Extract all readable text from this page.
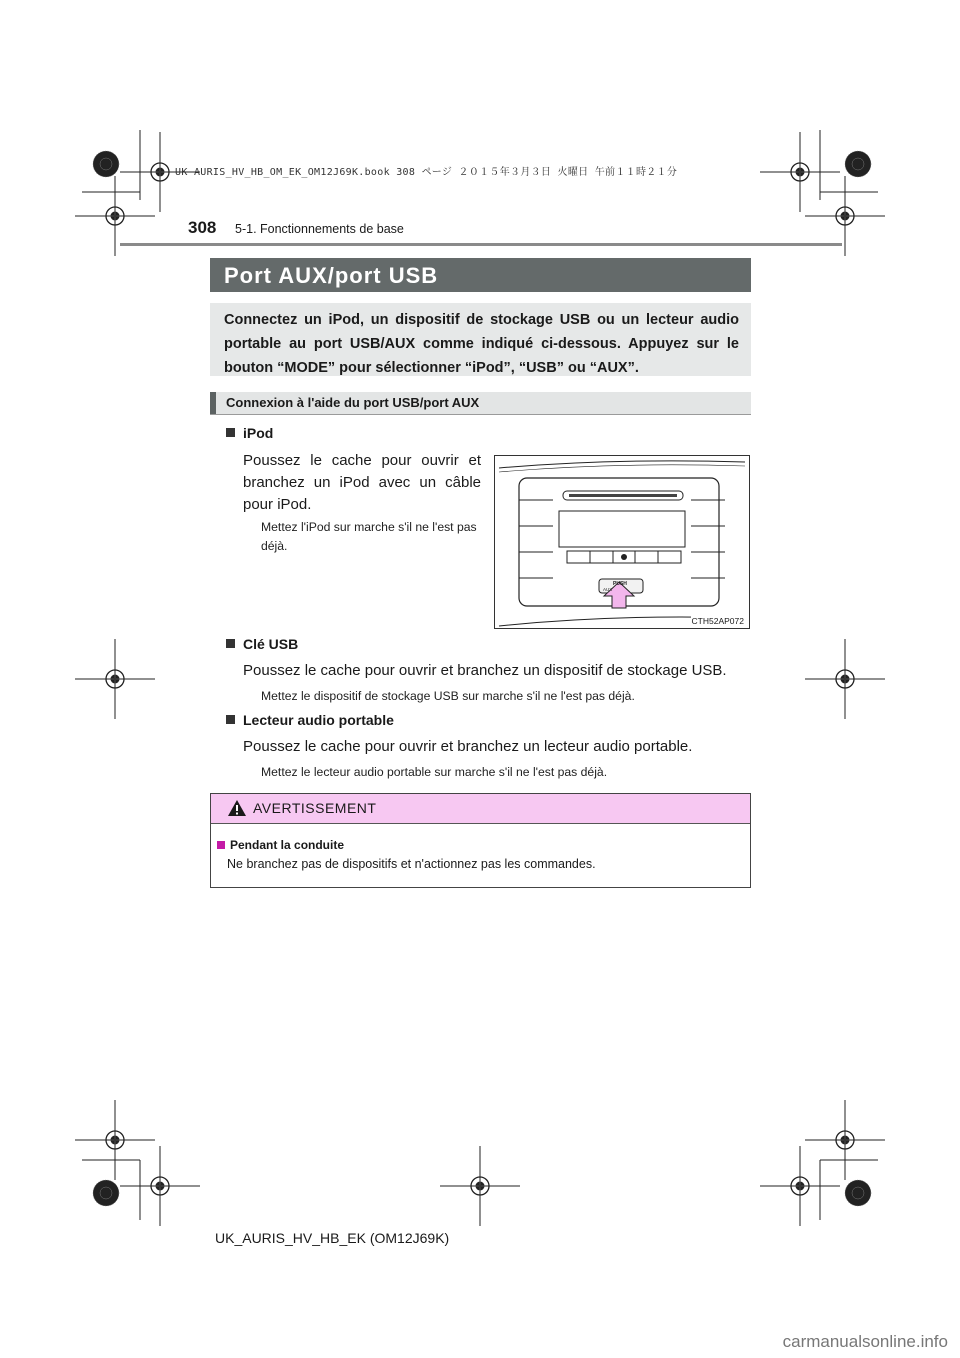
UK AURIS_HV_HB_OM_EK_OM12J69K.book 308 ページ ２０１５年３月３日 火曜日 午前１１時２１分
308 5-1. Fonctionnements de base
Port AUX/port USB

Connectez un iPod, un dispositif de stockage USB ou un lecteur audio portable au port USB/AUX comme indiqué ci-dessous. Appuyez sur le bouton “MODE” pour sélectionner “iPod”, “USB” ou “AUX”.

Connexion à l'aide du port USB/port AUX
iPod
Poussez le cache pour ouvrir et branchez un iPod avec un câble pour iPod.
Mettez l'iPod sur marche s'il ne l'est pas déjà.
PUSH
AUX
CTH52AP072
Clé USB
Poussez le cache pour ouvrir et branchez un dispositif de stockage USB.
Mettez le dispositif de stockage USB sur marche s'il ne l'est pas déjà.
Lecteur audio portable
Poussez le cache pour ouvrir et branchez un lecteur audio portable.
Mettez le lecteur audio portable sur marche s'il ne l'est pas déjà.
AVERTISSEMENT
Pendant la conduite
Ne branchez pas de dispositifs et n'actionnez pas les commandes.
UK_AURIS_HV_HB_EK (OM12J69K)
carmanualsonline.info
